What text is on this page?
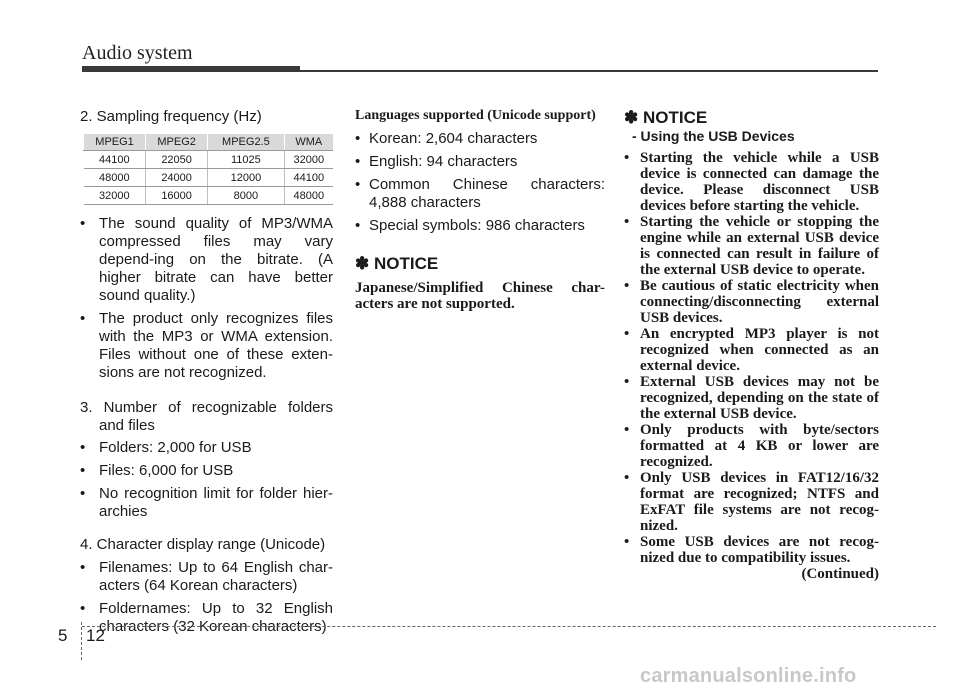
Audio system

2. Sampling frequency (Hz)

MPEG1	MPEG2	MPEG2.5	WMA
44100	22050	11025	32000
48000	24000	12000	44100
32000	16000	8000	48000

• The sound quality of MP3/WMA compressed files may vary depend-ing on the bitrate. (A higher bitrate can have better sound quality.)

• The product only recognizes files with the MP3 or WMA extension. Files without one of these exten-sions are not recognized.

3. Number of recognizable folders and files

• Folders: 2,000 for USB

• Files: 6,000 for USB

• No recognition limit for folder hier-archies

4. Character display range (Unicode)

• Filenames: Up to 64 English char-acters (64 Korean characters)

• Foldernames: Up to 32 English characters (32 Korean characters)

Languages supported (Unicode support)

• Korean: 2,604 characters

• English: 94 characters

• Common Chinese characters: 4,888 characters

• Special symbols: 986 characters

✽ NOTICE

Japanese/Simplified Chinese char-acters are not supported.

✽ NOTICE

- Using the USB Devices

• Starting the vehicle while a USB device is connected can damage the device. Please disconnect USB devices before starting the vehicle.

• Starting the vehicle or stopping the engine while an external USB device is connected can result in failure of the external USB device to operate.

• Be cautious of static electricity when connecting/disconnecting external USB devices.

• An encrypted MP3 player is not recognized when connected as an external device.

• External USB devices may not be recognized, depending on the state of the external USB device.

• Only products with byte/sectors formatted at 4 KB or lower are recognized.

• Only USB devices in FAT12/16/32 format are recognized; NTFS and ExFAT file systems are not recog-nized.

• Some USB devices are not recog-nized due to compatibility issues.

(Continued)

5 12
carmanualsonline.info
